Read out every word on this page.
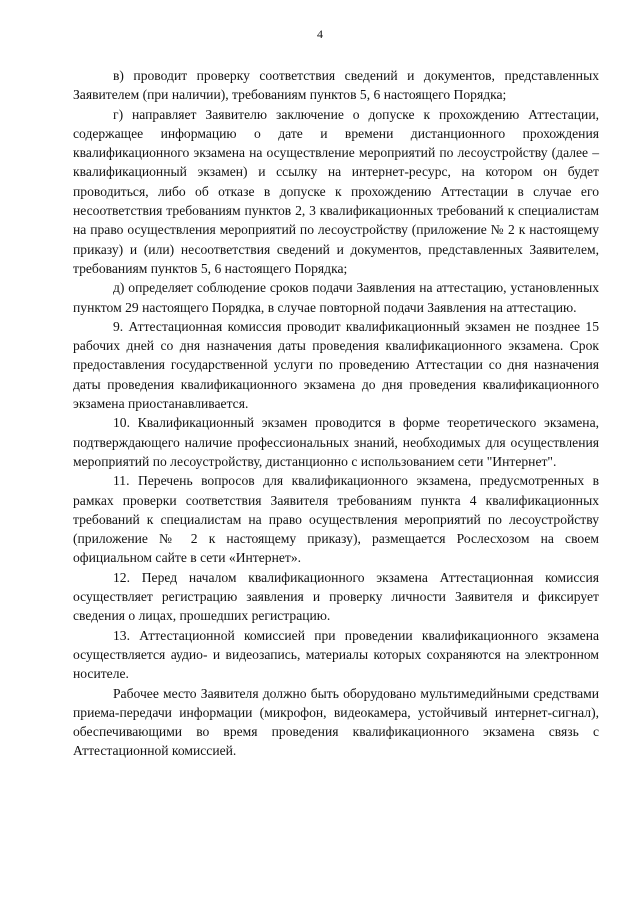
4

в) проводит проверку соответствия сведений и документов, представленных Заявителем (при наличии), требованиям пунктов 5, 6 настоящего Порядка;

г) направляет Заявителю заключение о допуске к прохождению Аттестации, содержащее информацию о дате и времени дистанционного прохождения квалификационного экзамена на осуществление мероприятий по лесоустройству (далее – квалификационный экзамен) и ссылку на интернет-ресурс, на котором он будет проводиться, либо об отказе в допуске к прохождению Аттестации в случае его несоответствия требованиям пунктов 2, 3 квалификационных требований к специалистам на право осуществления мероприятий по лесоустройству (приложение № 2 к настоящему приказу) и (или) несоответствия сведений и документов, представленных Заявителем, требованиям пунктов 5, 6 настоящего Порядка;

д) определяет соблюдение сроков подачи Заявления на аттестацию, установленных пунктом 29 настоящего Порядка, в случае повторной подачи Заявления на аттестацию.

9. Аттестационная комиссия проводит квалификационный экзамен не позднее 15 рабочих дней со дня назначения даты проведения квалификационного экзамена. Срок предоставления государственной услуги по проведению Аттестации со дня назначения даты проведения квалификационного экзамена до дня проведения квалификационного экзамена приостанавливается.

10. Квалификационный экзамен проводится в форме теоретического экзамена, подтверждающего наличие профессиональных знаний, необходимых для осуществления мероприятий по лесоустройству, дистанционно с использованием сети "Интернет".

11. Перечень вопросов для квалификационного экзамена, предусмотренных в рамках проверки соответствия Заявителя требованиям пункта 4 квалификационных требований к специалистам на право осуществления мероприятий по лесоустройству (приложение № 2 к настоящему приказу), размещается Рослесхозом на своем официальном сайте в сети «Интернет».

12. Перед началом квалификационного экзамена Аттестационная комиссия осуществляет регистрацию заявления и проверку личности Заявителя и фиксирует сведения о лицах, прошедших регистрацию.

13. Аттестационной комиссией при проведении квалификационного экзамена осуществляется аудио- и видеозапись, материалы которых сохраняются на электронном носителе.

Рабочее место Заявителя должно быть оборудовано мультимедийными средствами приема-передачи информации (микрофон, видеокамера, устойчивый интернет-сигнал), обеспечивающими во время проведения квалификационного экзамена связь с Аттестационной комиссией.
